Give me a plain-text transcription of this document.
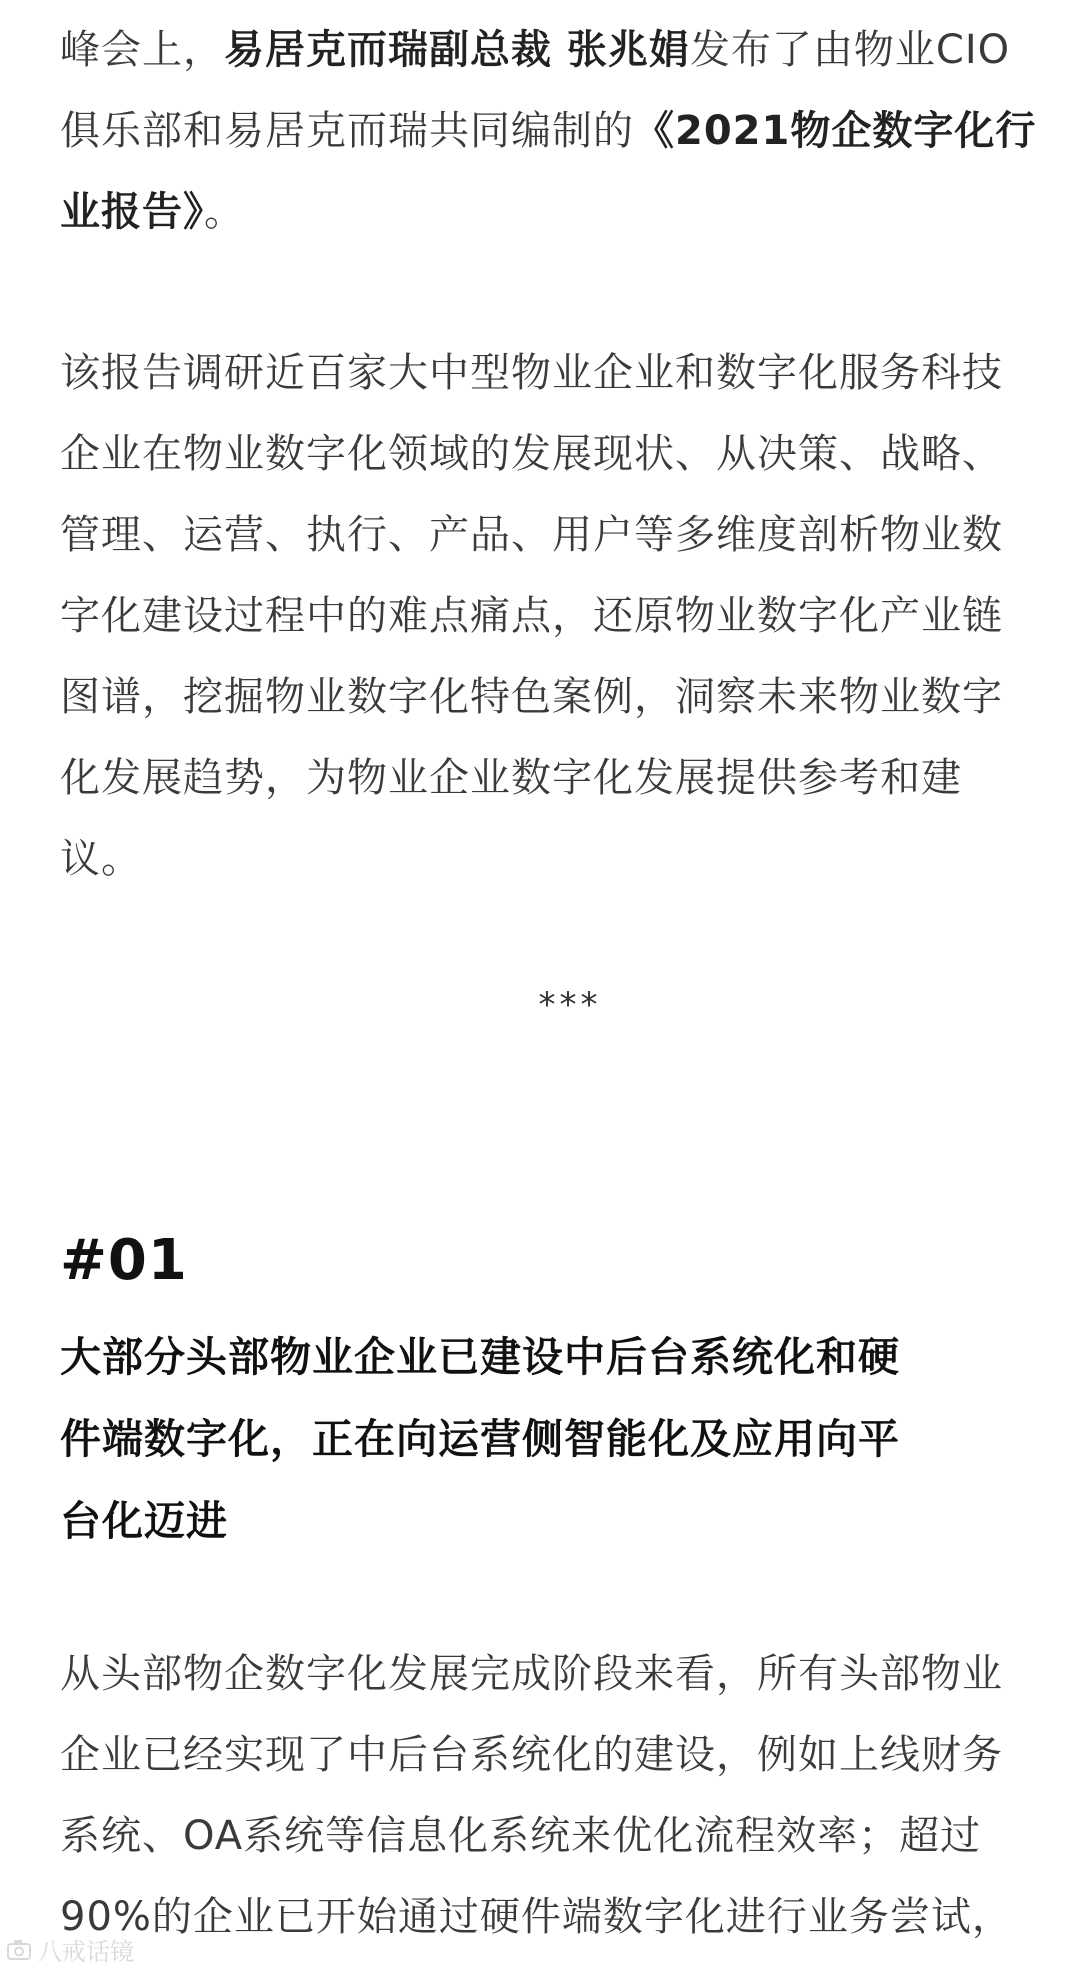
峰会上，易居克而瑞副总裁 张兆娟发布了由物业CIO
俱乐部和易居克而瑞共同编制的《2021物企数字化行
业报告》。

该报告调研近百家大中型物业企业和数字化服务科技
企业在物业数字化领域的发展现状、从决策、战略、
管理、运营、执行、产品、用户等多维度剖析物业数
字化建设过程中的难点痛点，还原物业数字化产业链
图谱，挖掘物业数字化特色案例，洞察未来物业数字
化发展趋势，为物业企业数字化发展提供参考和建
议。

***
#01
大部分头部物业企业已建设中后台系统化和硬
件端数字化，正在向运营侧智能化及应用向平
台化迈进

从头部物企数字化发展完成阶段来看，所有头部物业
企业已经实现了中后台系统化的建设，例如上线财务
系统、OA系统等信息化系统来优化流程效率；超过
90%的企业已开始通过硬件端数字化进行业务尝试，

八戒话镜
